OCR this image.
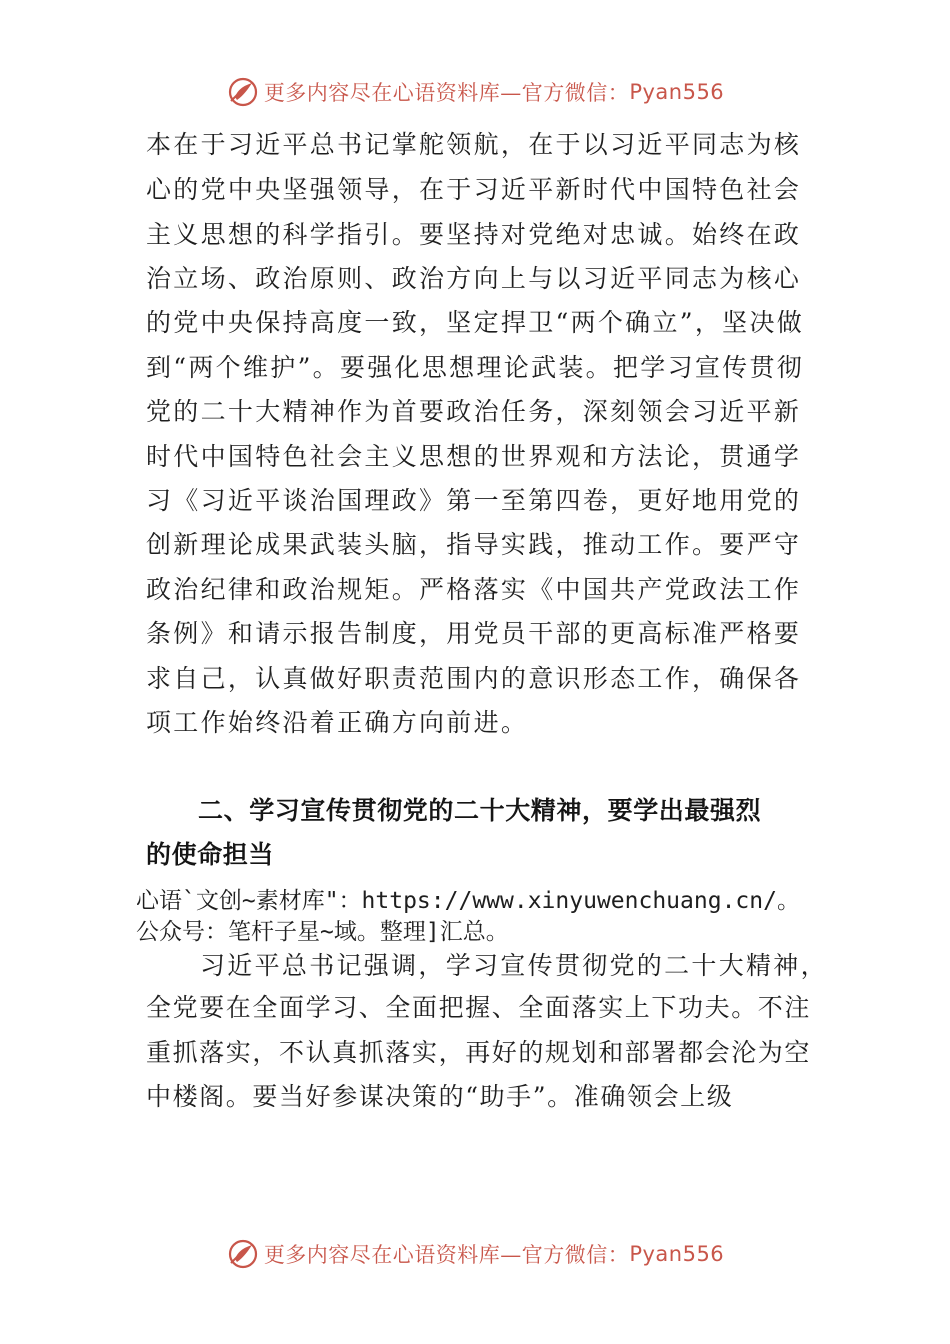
更多内容尽在心语资料库—官方微信： Pyan556
本在于习近平总书记掌舵领航，在于以习近平同志为核
心的党中央坚强领导，在于习近平新时代中国特色社会
主义思想的科学指引。要坚持对党绝对忠诚。始终在政
治立场、政治原则、政治方向上与以习近平同志为核心
的党中央保持高度一致，坚定捍卫“两个确立”，坚决做
到“两个维护”。要强化思想理论武装。把学习宣传贯彻
党的二十大精神作为首要政治任务，深刻领会习近平新
时代中国特色社会主义思想的世界观和方法论，贯通学
习《习近平谈治国理政》第一至第四卷，更好地用党的
创新理论成果武装头脑，指导实践，推动工作。要严守
政治纪律和政治规矩。严格落实《中国共产党政法工作
条例》和请示报告制度，用党员干部的更高标准严格要
求自己，认真做好职责范围内的意识形态工作，确保各
项工作始终沿着正确方向前进。
二、学习宣传贯彻党的二十大精神，要学出最强烈
的使命担当
心语`文创~素材库"：https://www.xinyuwenchuang.cn/。
公众号：笔杆子星~域。整理]汇总。
习近平总书记强调，学习宣传贯彻党的二十大精神，
全党要在全面学习、全面把握、全面落实上下功夫。不注
重抓落实，不认真抓落实，再好的规划和部署都会沦为空
中楼阁。要当好参谋决策的“助手”。准确领会上级
更多内容尽在心语资料库—官方微信： Pyan556
